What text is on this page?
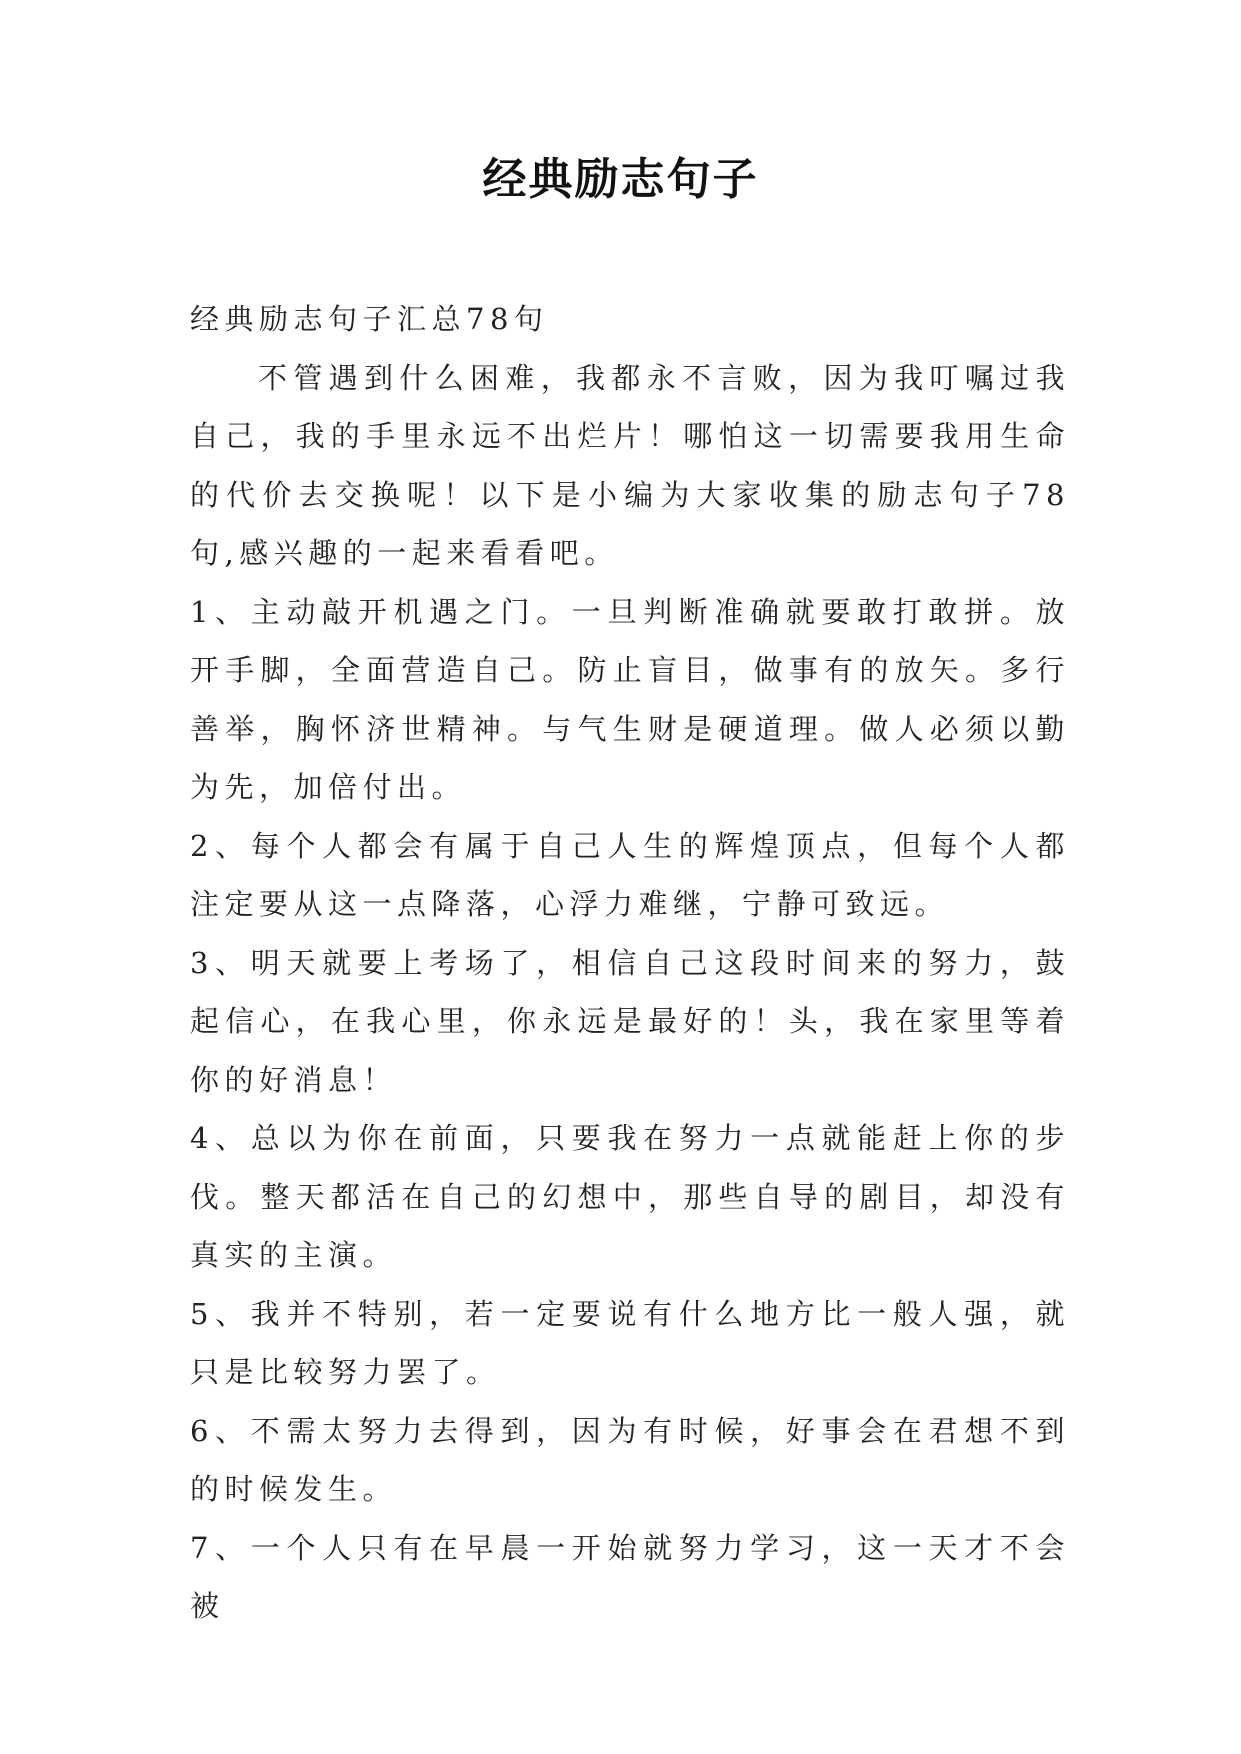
经典励志句子

经典励志句子汇总78句

不管遇到什么困难，我都永不言败，因为我叮嘱过我自己，我的手里永远不出烂片！哪怕这一切需要我用生命的代价去交换呢！以下是小编为大家收集的励志句子78句,感兴趣的一起来看看吧。

1、主动敲开机遇之门。一旦判断准确就要敢打敢拼。放开手脚，全面营造自己。防止盲目，做事有的放矢。多行善举，胸怀济世精神。与气生财是硬道理。做人必须以勤为先，加倍付出。

2、每个人都会有属于自己人生的辉煌顶点，但每个人都注定要从这一点降落，心浮力难继，宁静可致远。

3、明天就要上考场了，相信自己这段时间来的努力，鼓起信心，在我心里，你永远是最好的！头，我在家里等着你的好消息！

4、总以为你在前面，只要我在努力一点就能赶上你的步伐。整天都活在自己的幻想中，那些自导的剧目，却没有真实的主演。

5、我并不特别，若一定要说有什么地方比一般人强，就只是比较努力罢了。

6、不需太努力去得到，因为有时候，好事会在君想不到的时候发生。

7、一个人只有在早晨一开始就努力学习，这一天才不会被
